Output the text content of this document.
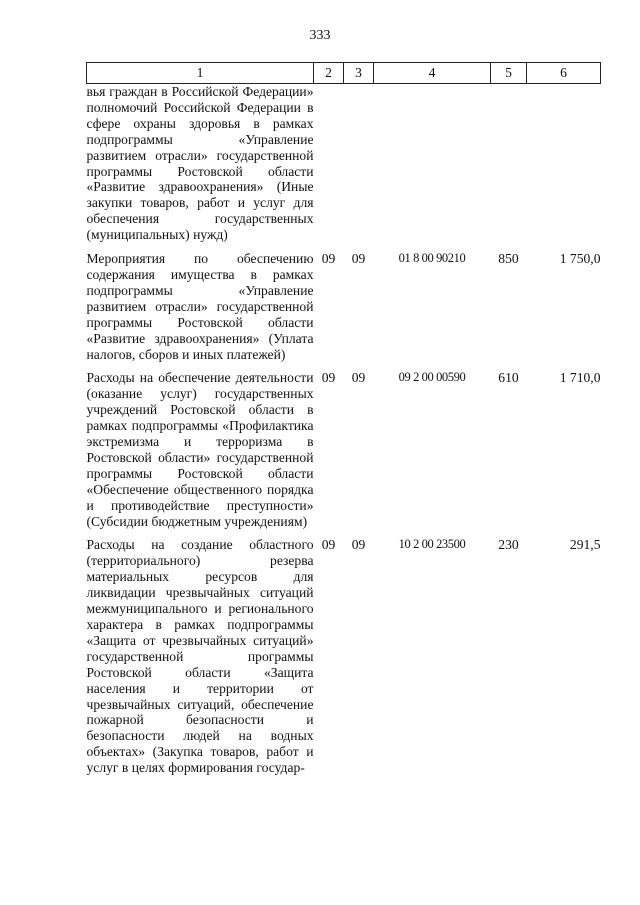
333
1	2	3	4	5	6
вья граждан в Российской Федерации» полномочий Российской Федерации в сфере охраны здоровья в рамках подпрограммы «Управление развитием отрасли» государственной программы Ростовской области «Развитие здравоохранения» (Иные закупки товаров, работ и услуг для обеспечения государственных (муниципальных) нужд)					

Мероприятия по обеспечению содержания имущества в рамках подпрограммы «Управление развитием отрасли» государственной программы Ростовской области «Развитие здравоохранения» (Уплата налогов, сборов и иных платежей)	09	09	01 8 00 90210	850	1 750,0

Расходы на обеспечение деятельности (оказание услуг) государственных учреждений Ростовской области в рамках подпрограммы «Профилактика экстремизма и терроризма в Ростовской области» государственной программы Ростовской области «Обеспечение общественного порядка и противодействие преступности» (Субсидии бюджетным учреждениям)	09	09	09 2 00 00590	610	1 710,0

Расходы на создание областного (территориального) резерва материальных ресурсов для ликвидации чрезвычайных ситуаций межмуниципального и регионального характера в рамках подпрограммы «Защита от чрезвычайных ситуаций» государственной программы Ростовской области «Защита населения и территории от чрезвычайных ситуаций, обеспечение пожарной безопасности и безопасности людей на водных объектах» (Закупка товаров, работ и услуг в целях формирования государ-	09	09	10 2 00 23500	230	291,5
